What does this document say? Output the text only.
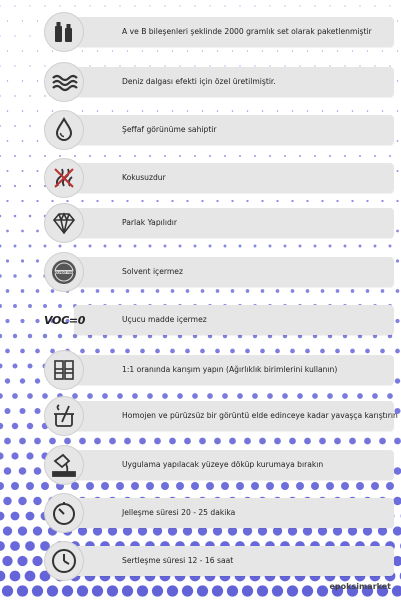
A ve B bileşenleri şeklinde 2000 gramlık set olarak paketlenmiştir
Deniz dalgası efekti için özel üretilmiştir.
Şeffaf görünüme sahiptir
Kokusuzdur
Parlak Yapılıdır
Solvent içermez
SOLVENT FREE
Uçucu madde içermez
VOC=0
1:1 oranında karışım yapın (Ağırlıklık birimlerini kullanın)
Homojen ve pürüzsüz bir görüntü elde edinceye kadar yavaşça karıştırın
Uygulama yapılacak yüzeye döküp kurumaya bırakın
Jelleşme süresi 20 - 25 dakika
Sertleşme süresi 12 - 16 saat
epoksimarket
